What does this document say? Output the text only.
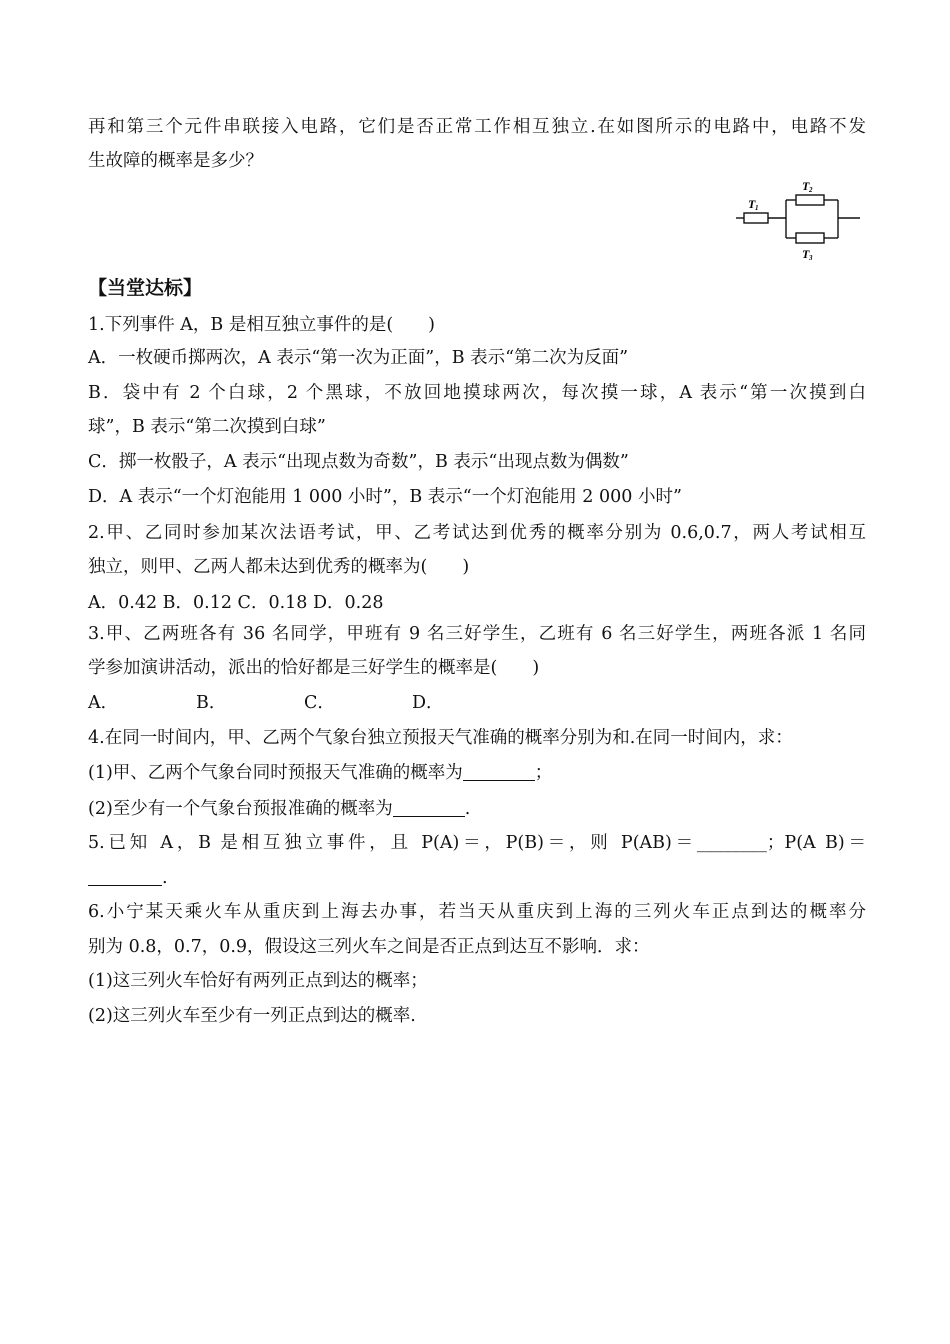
再和第三个元件串联接入电路，它们是否正常工作相互独立.在如图所示的电路中，电路不发
生故障的概率是多少？
T 1
T 2
T 3
【当堂达标】
1.下列事件 A，B 是相互独立事件的是(　　)
A．一枚硬币掷两次，A 表示“第一次为正面”，B 表示“第二次为反面”
B．袋中有 2 个白球，2 个黑球，不放回地摸球两次，每次摸一球，A 表示“第一次摸到白
球”，B 表示“第二次摸到白球”
C．掷一枚骰子，A 表示“出现点数为奇数”，B 表示“出现点数为偶数”
D．A 表示“一个灯泡能用 1 000 小时”，B 表示“一个灯泡能用 2 000 小时”
2.甲、乙同时参加某次法语考试，甲、乙考试达到优秀的概率分别为 0.6,0.7，两人考试相互
独立，则甲、乙两人都未达到优秀的概率为(　　)
A．0.42 B．0.12 C．0.18 D．0.28
3.甲、乙两班各有 36 名同学，甲班有 9 名三好学生，乙班有 6 名三好学生，两班各派 1 名同
学参加演讲活动，派出的恰好都是三好学生的概率是(　　)
A．	B．	C．	D．
4.在同一时间内，甲、乙两个气象台独立预报天气准确的概率分别为和.在同一时间内，求：
(1)甲、乙两个气象台同时预报天气准确的概率为	；
(2)至少有一个气象台预报准确的概率为	.
5.已知 A，B 是相互独立事件，且 P(A)＝，P(B)＝，则 P(AB)＝________；P(A B)＝
.
6.小宁某天乘火车从重庆到上海去办事，若当天从重庆到上海的三列火车正点到达的概率分
别为 0.8，0.7，0.9，假设这三列火车之间是否正点到达互不影响．求：
(1)这三列火车恰好有两列正点到达的概率；
(2)这三列火车至少有一列正点到达的概率.
